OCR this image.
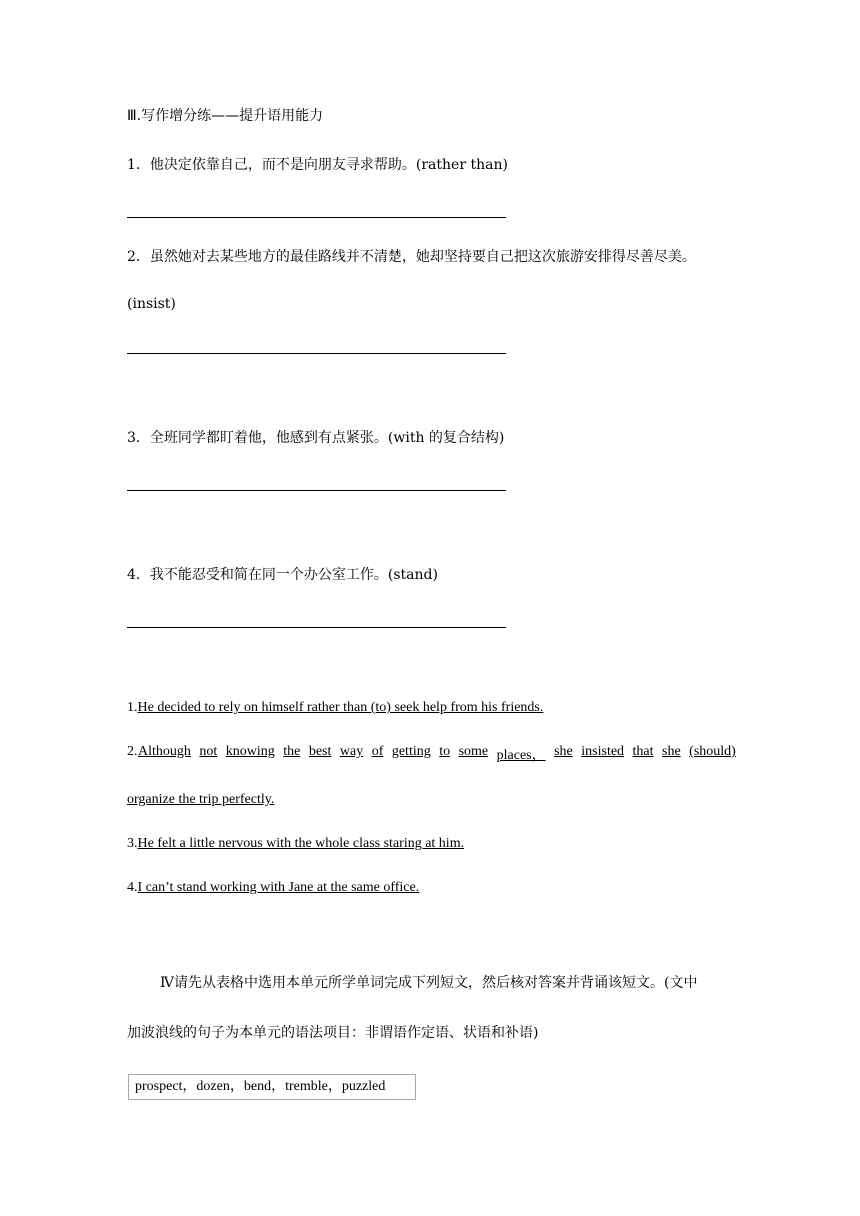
Ⅲ.写作增分练——提升语用能力
1．他决定依靠自己，而不是向朋友寻求帮助。(rather than)
2．虽然她对去某些地方的最佳路线并不清楚，她却坚持要自己把这次旅游安排得尽善尽美。
(insist)
3．全班同学都盯着他，他感到有点紧张。(with 的复合结构)
4．我不能忍受和简在同一个办公室工作。(stand)
1.He decided to rely on himself rather than (to) seek help from his friends.
2. Although not knowing the best way of getting to some places， she insisted that she (should)
organize the trip perfectly.
3.He felt a little nervous with the whole class staring at him.
4.I can’t stand working with Jane at the same office.
Ⅳ请先从表格中选用本单元所学单词完成下列短文，然后核对答案并背诵该短文。(文中
加波浪线的句子为本单元的语法项目：非谓语作定语、状语和补语)
prospect，dozen，bend，tremble，puzzled
